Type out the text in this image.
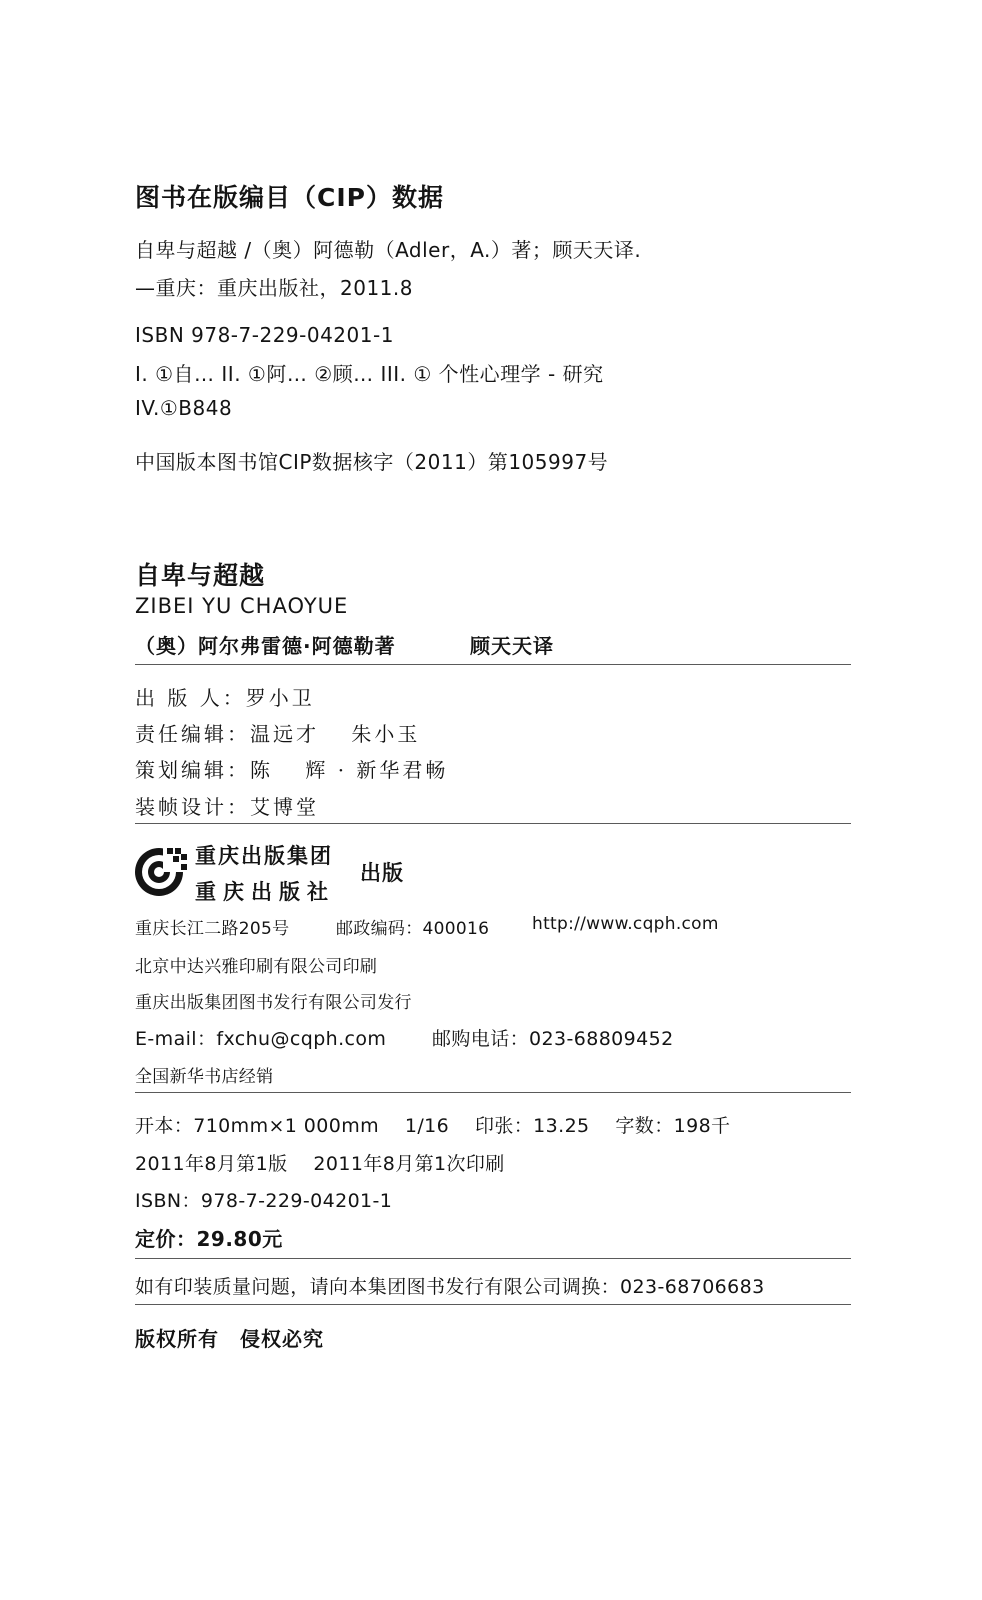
图书在版编目（CIP）数据
自卑与超越 /（奥）阿德勒（Adler，A.）著；顾天天译.
—重庆：重庆出版社，2011.8
ISBN 978-7-229-04201-1
I. ①自… II. ①阿… ②顾… III. ① 个性心理学 - 研究
IV.①B848
中国版本图书馆CIP数据核字（2011）第105997号
自卑与超越
ZIBEI YU CHAOYUE
（奥）阿尔弗雷德·阿德勒著	顾天天译
出 版 人：罗小卫
责任编辑：温远才　 朱小玉
策划编辑：陈　 辉 · 新华君畅
装帧设计：艾博堂
重庆出版集团
重庆出版社
出版
重庆长江二路205号	邮政编码：400016	http://www.cqph.com
北京中达兴雅印刷有限公司印刷
重庆出版集团图书发行有限公司发行
E-mail：fxchu@cqph.com 邮购电话：023-68809452
全国新华书店经销
开本：710mm×1 000mm　 1/16　 印张：13.25　 字数：198千
2011年8月第1版　 2011年8月第1次印刷
ISBN：978-7-229-04201-1
定价：29.80元
如有印装质量问题，请向本集团图书发行有限公司调换：023-68706683
版权所有　侵权必究
